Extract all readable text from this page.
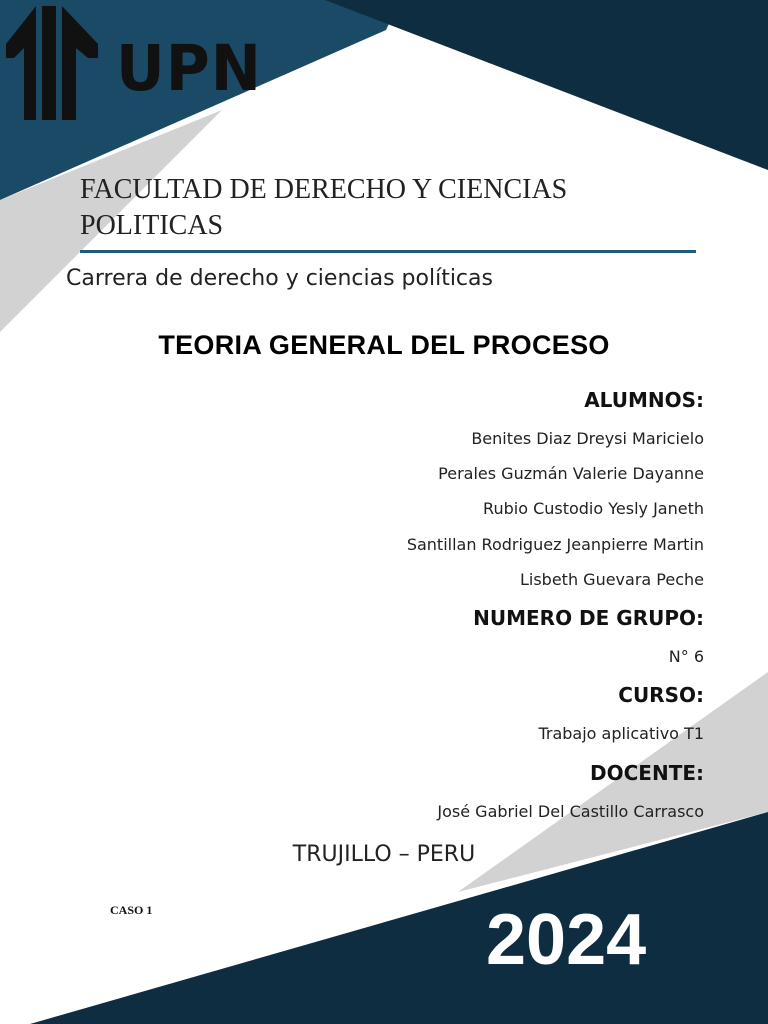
UPN
FACULTAD DE DERECHO Y CIENCIAS
POLITICAS
Carrera de derecho y ciencias políticas
TEORIA GENERAL DEL PROCESO
ALUMNOS:
Benites Diaz Dreysi Maricielo
Perales Guzmán Valerie Dayanne
Rubio Custodio Yesly Janeth
Santillan Rodriguez Jeanpierre Martin
Lisbeth Guevara Peche
NUMERO DE GRUPO:
N° 6
CURSO:
Trabajo aplicativo T1
DOCENTE:
José Gabriel Del Castillo Carrasco
TRUJILLO – PERU
CASO 1	2024
